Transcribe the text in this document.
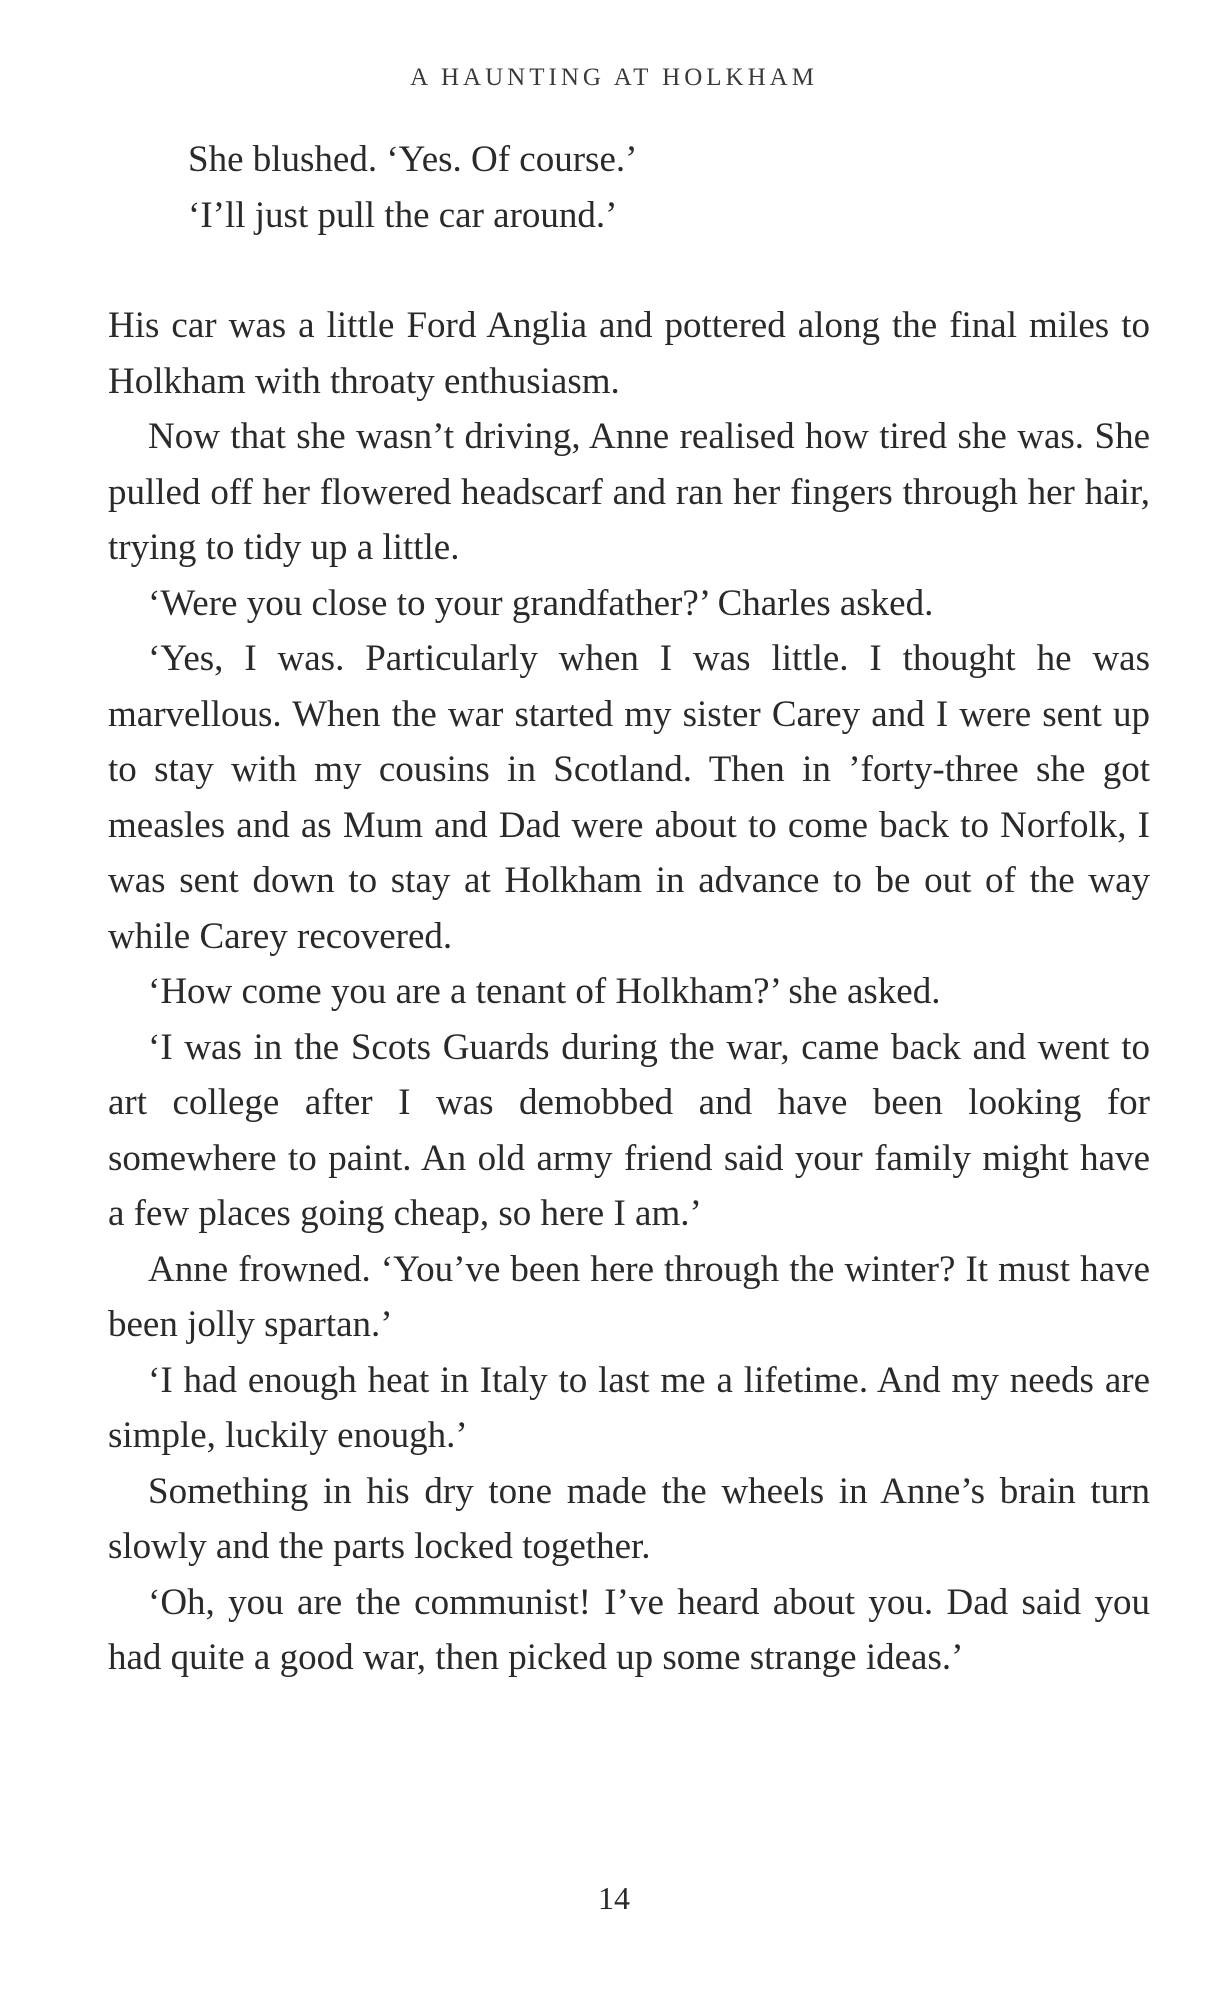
A HAUNTING AT HOLKHAM

She blushed. ‘Yes. Of course.’

‘I’ll just pull the car around.’

His car was a little Ford Anglia and pottered along the final miles to Holkham with throaty enthusiasm.

Now that she wasn’t driving, Anne realised how tired she was. She pulled off her flowered headscarf and ran her fingers through her hair, trying to tidy up a little.

‘Were you close to your grandfather?’ Charles asked.

‘Yes, I was. Particularly when I was little. I thought he was marvellous. When the war started my sister Carey and I were sent up to stay with my cousins in Scotland. Then in ’forty-three she got measles and as Mum and Dad were about to come back to Norfolk, I was sent down to stay at Holkham in advance to be out of the way while Carey recovered.

‘How come you are a tenant of Holkham?’ she asked.

‘I was in the Scots Guards during the war, came back and went to art college after I was demobbed and have been looking for somewhere to paint. An old army friend said your family might have a few places going cheap, so here I am.’

Anne frowned. ‘You’ve been here through the winter? It must have been jolly spartan.’

‘I had enough heat in Italy to last me a lifetime. And my needs are simple, luckily enough.’

Something in his dry tone made the wheels in Anne’s brain turn slowly and the parts locked together.

‘Oh, you are the communist! I’ve heard about you. Dad said you had quite a good war, then picked up some strange ideas.’

14
